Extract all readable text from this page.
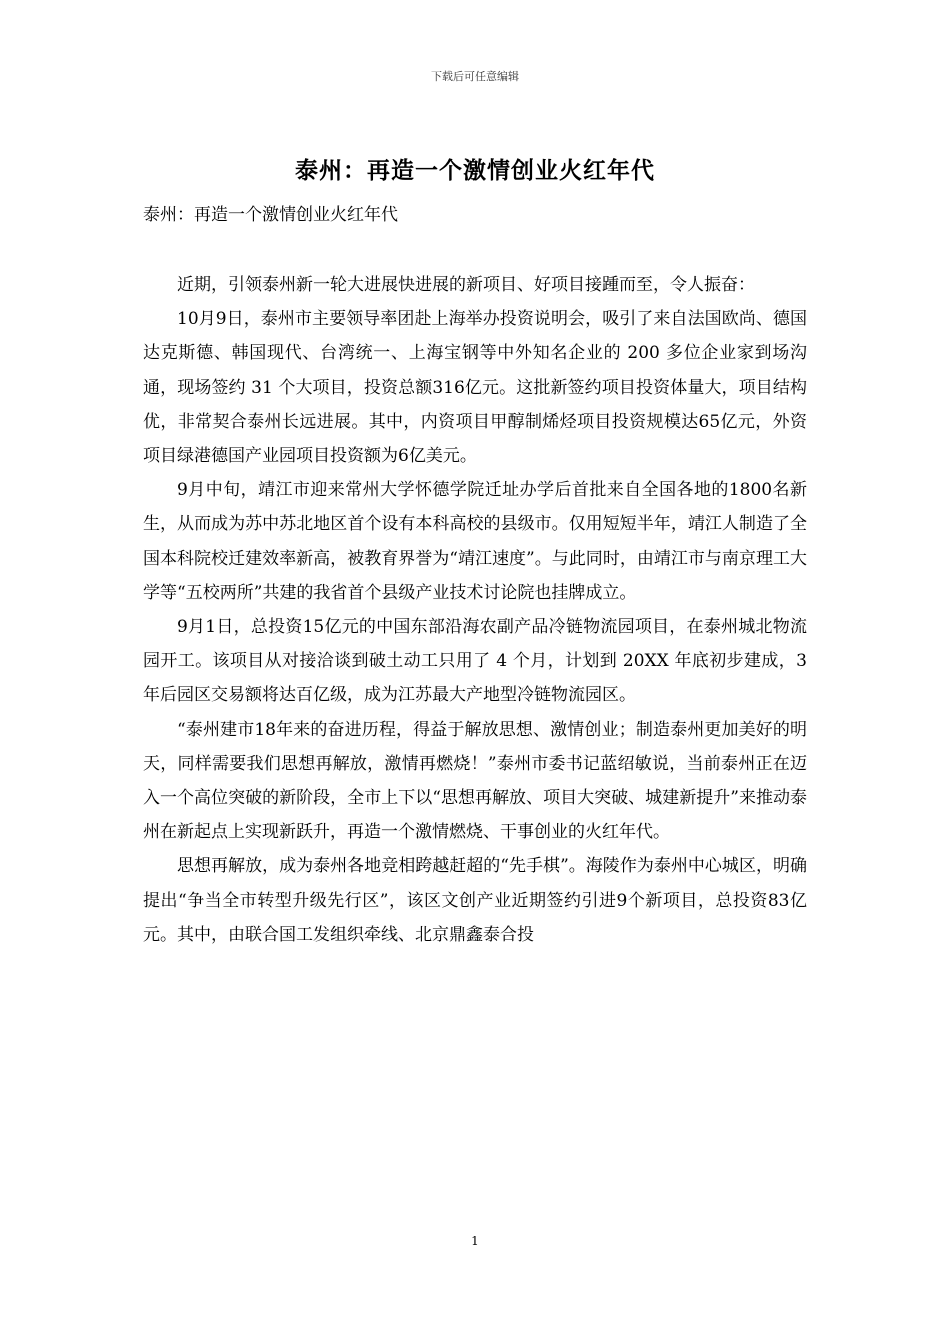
下载后可任意编辑
泰州：再造一个激情创业火红年代
泰州：再造一个激情创业火红年代

近期，引领泰州新一轮大进展快进展的新项目、好项目接踵而至，令人振奋：

10月9日，泰州市主要领导率团赴上海举办投资说明会，吸引了来自法国欧尚、德国达克斯德、韩国现代、台湾统一、上海宝钢等中外知名企业的 200 多位企业家到场沟通，现场签约 31 个大项目，投资总额316亿元。这批新签约项目投资体量大，项目结构优，非常契合泰州长远进展。其中，内资项目甲醇制烯烃项目投资规模达65亿元，外资项目绿港德国产业园项目投资额为6亿美元。

9月中旬，靖江市迎来常州大学怀德学院迁址办学后首批来自全国各地的1800名新生，从而成为苏中苏北地区首个设有本科高校的县级市。仅用短短半年，靖江人制造了全国本科院校迁建效率新高，被教育界誉为“靖江速度”。与此同时，由靖江市与南京理工大学等“五校两所”共建的我省首个县级产业技术讨论院也挂牌成立。

9月1日，总投资15亿元的中国东部沿海农副产品冷链物流园项目，在泰州城北物流园开工。该项目从对接洽谈到破土动工只用了 4 个月，计划到 20XX 年底初步建成，3年后园区交易额将达百亿级，成为江苏最大产地型冷链物流园区。

“泰州建市18年来的奋进历程，得益于解放思想、激情创业；制造泰州更加美好的明天，同样需要我们思想再解放，激情再燃烧！”泰州市委书记蓝绍敏说，当前泰州正在迈入一个高位突破的新阶段，全市上下以“思想再解放、项目大突破、城建新提升”来推动泰州在新起点上实现新跃升，再造一个激情燃烧、干事创业的火红年代。

思想再解放，成为泰州各地竞相跨越赶超的“先手棋”。海陵作为泰州中心城区，明确提出“争当全市转型升级先行区”，该区文创产业近期签约引进9个新项目，总投资83亿元。其中，由联合国工发组织牵线、北京鼎鑫泰合投

1
